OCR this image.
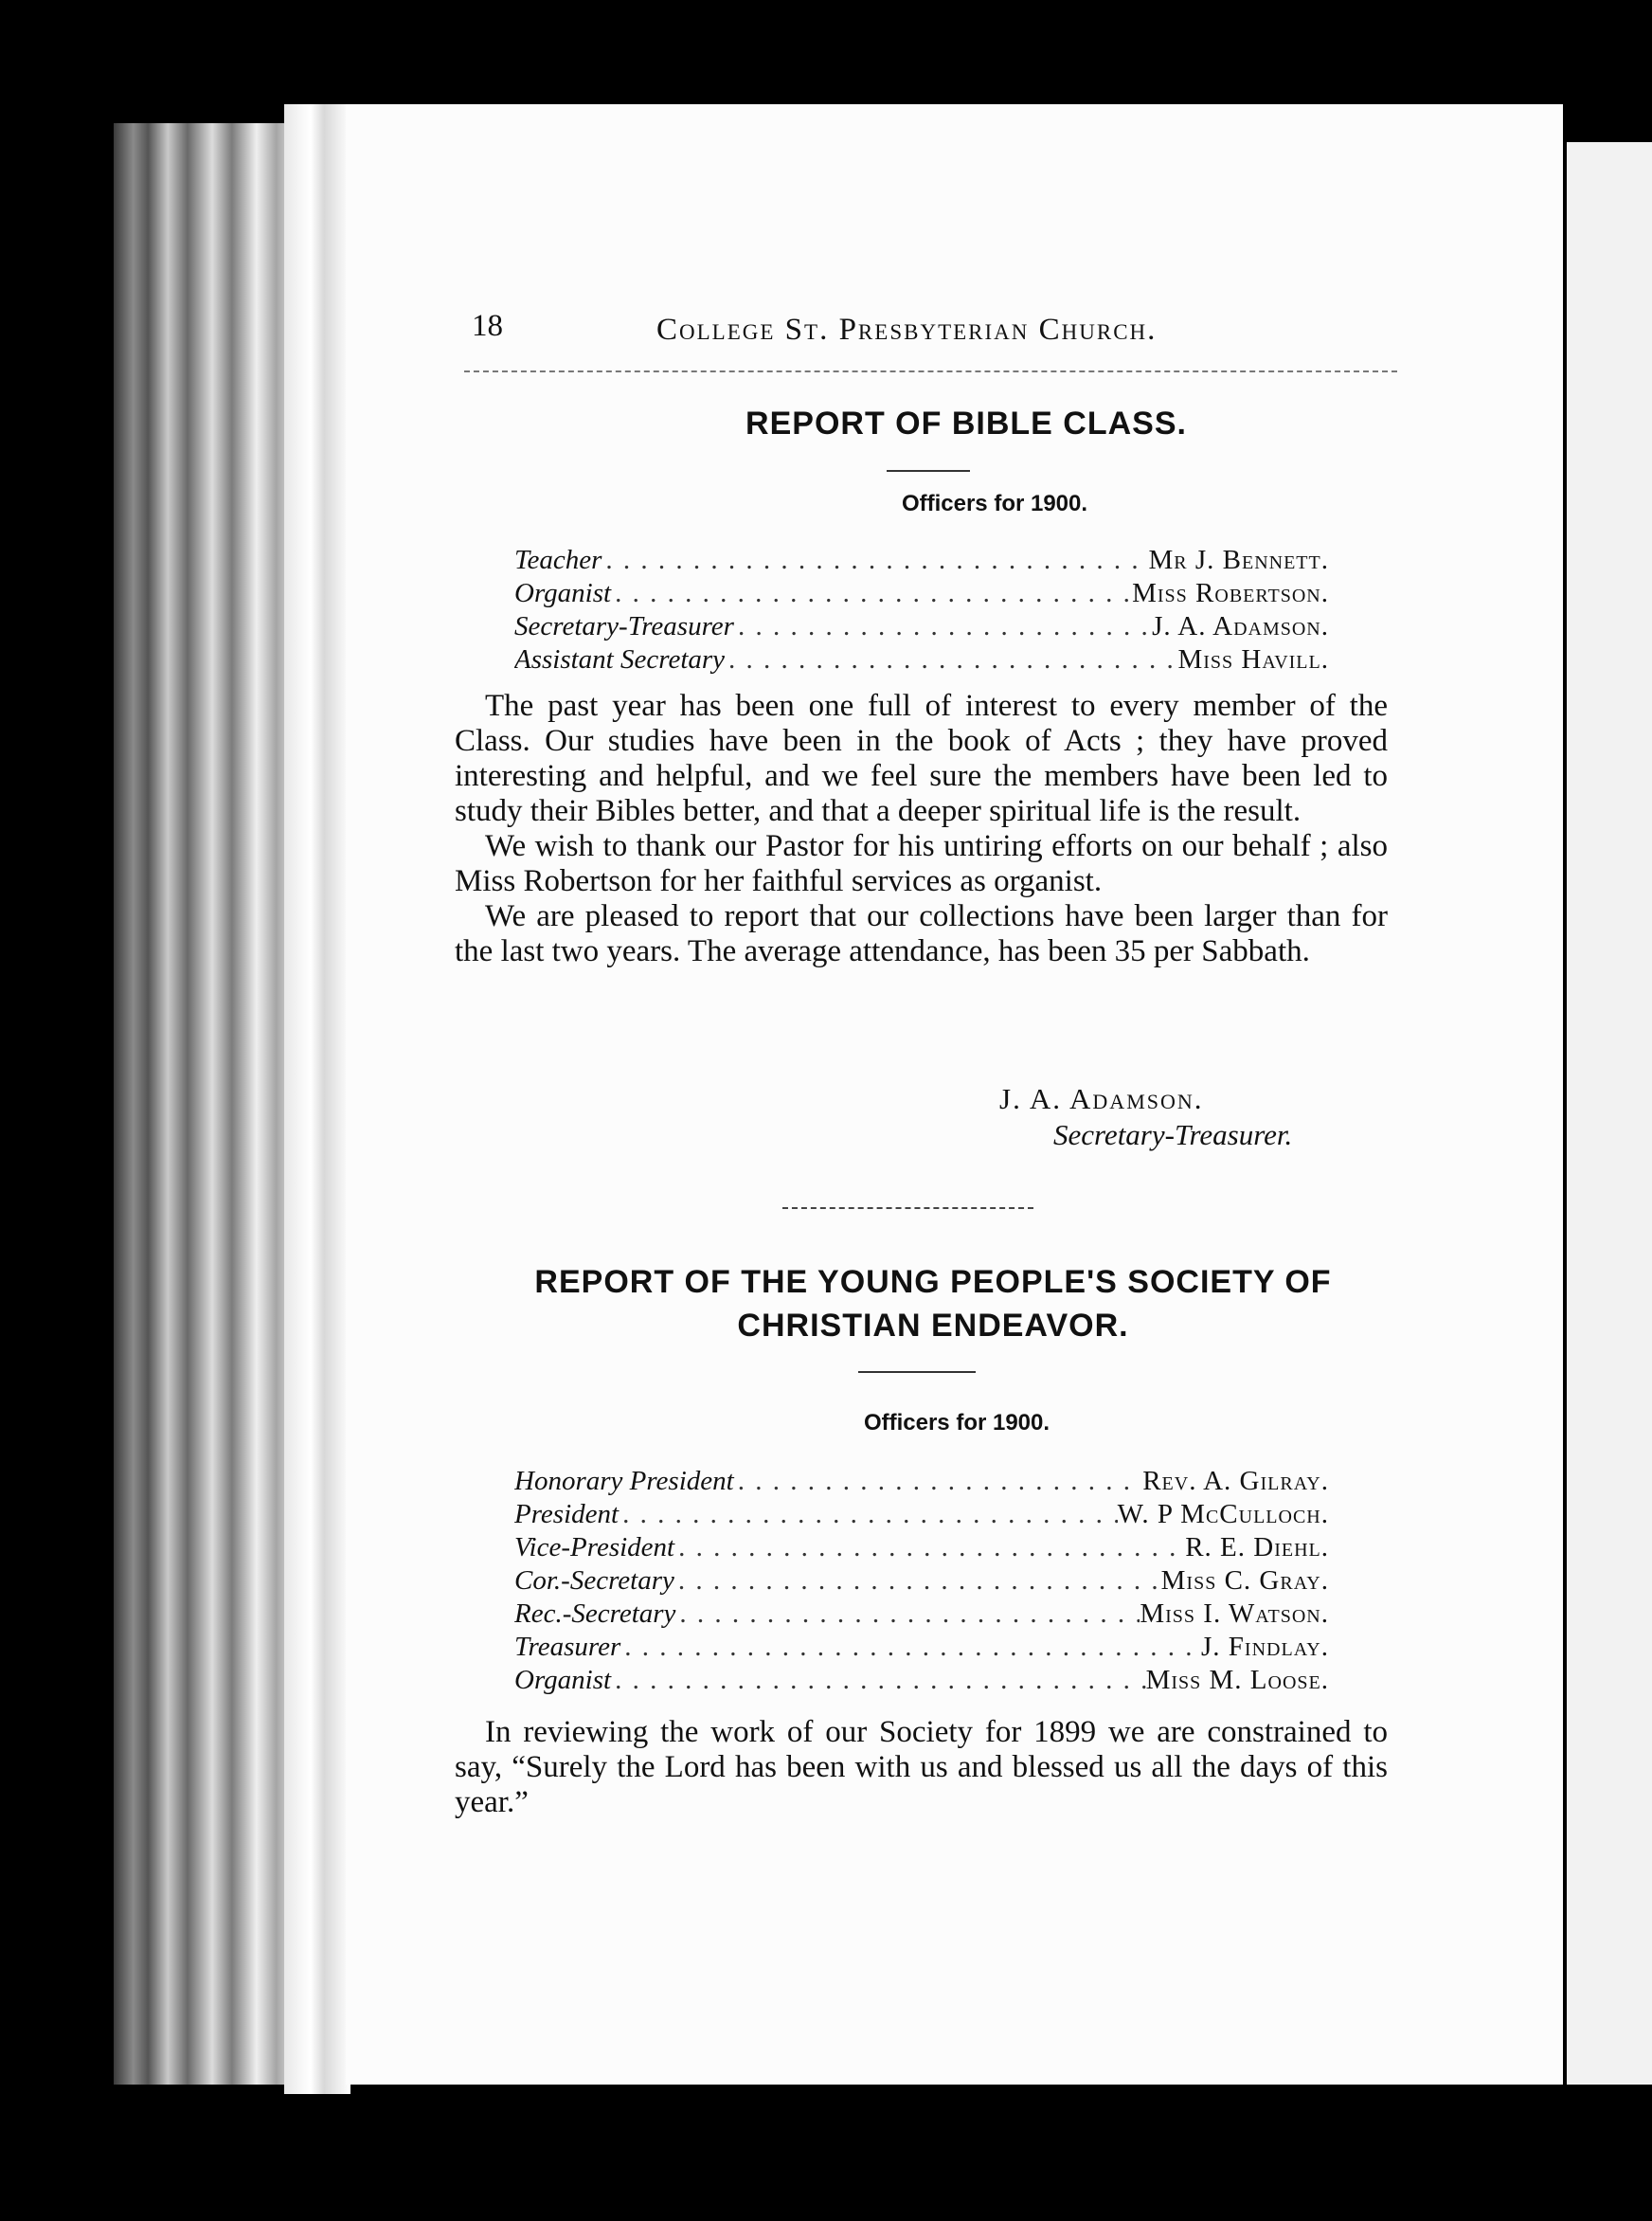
18	College St. Presbyterian Church.
REPORT OF BIBLE CLASS.
Officers for 1900.
Teacher . . .	Mr J. Bennett.
Organist . . .	Miss Robertson.
Secretary-Treasurer . . .	J. A. Adamson.
Assistant Secretary . . .	Miss Havill.

The past year has been one full of interest to every member of the Class. Our studies have been in the book of Acts ; they have proved interesting and helpful, and we feel sure the members have been led to study their Bibles better, and that a deeper spiritual life is the result.

We wish to thank our Pastor for his untiring efforts on our behalf ; also Miss Robertson for her faithful services as organist.

We are pleased to report that our collections have been larger than for the last two years. The average attendance, has been 35 per Sabbath.

J. A. Adamson.
Secretary-Treasurer.
REPORT OF THE YOUNG PEOPLE'S SOCIETY OF
CHRISTIAN ENDEAVOR.
Officers for 1900.
Honorary President . . .	Rev. A. Gilray.
President . . .	W. P McCulloch.
Vice-President . . .	R. E. Diehl.
Cor.-Secretary . . .	Miss C. Gray.
Rec.-Secretary . . .	Miss I. Watson.
Treasurer . . .	J. Findlay.
Organist . . .	Miss M. Loose.

In reviewing the work of our Society for 1899 we are constrained to say, “Surely the Lord has been with us and blessed us all the days of this year.”
